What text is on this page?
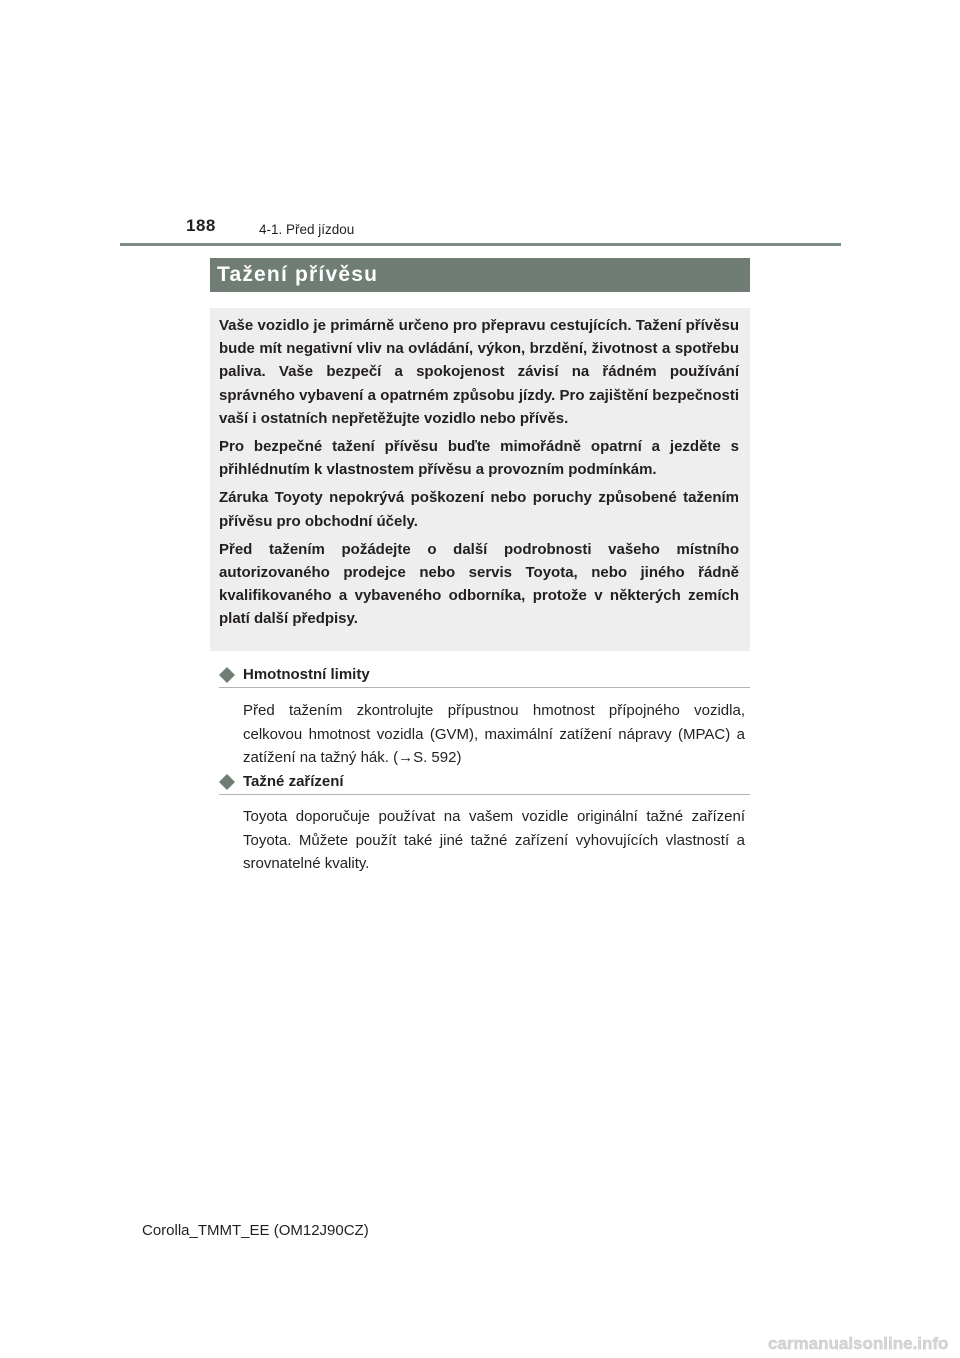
188	4-1. Před jízdou
Tažení přívěsu

Vaše vozidlo je primárně určeno pro přepravu cestujících. Tažení přívěsu bude mít negativní vliv na ovládání, výkon, brzdění, životnost a spotřebu paliva. Vaše bezpečí a spokojenost závisí na řádném používání správného vybavení a opatrném způsobu jízdy. Pro zajištění bezpečnosti vaší i ostatních nepřetěžujte vozidlo nebo přívěs.

Pro bezpečné tažení přívěsu buďte mimořádně opatrní a jezděte s přihlédnutím k vlastnostem přívěsu a provozním podmínkám.

Záruka Toyoty nepokrývá poškození nebo poruchy způsobené tažením přívěsu pro obchodní účely.

Před tažením požádejte o další podrobnosti vašeho místního autorizovaného prodejce nebo servis Toyota, nebo jiného řádně kvalifikovaného a vybaveného odborníka, protože v některých zemích platí další předpisy.

Hmotnostní limity

Před tažením zkontrolujte přípustnou hmotnost přípojného vozidla, celkovou hmotnost vozidla (GVM), maximální zatížení nápravy (MPAC) a zatížení na tažný hák. (→S. 592)

Tažné zařízení

Toyota doporučuje používat na vašem vozidle originální tažné zařízení Toyota. Můžete použít také jiné tažné zařízení vyhovujících vlastností a srovnatelné kvality.

Corolla_TMMT_EE (OM12J90CZ)
carmanualsonline.info
